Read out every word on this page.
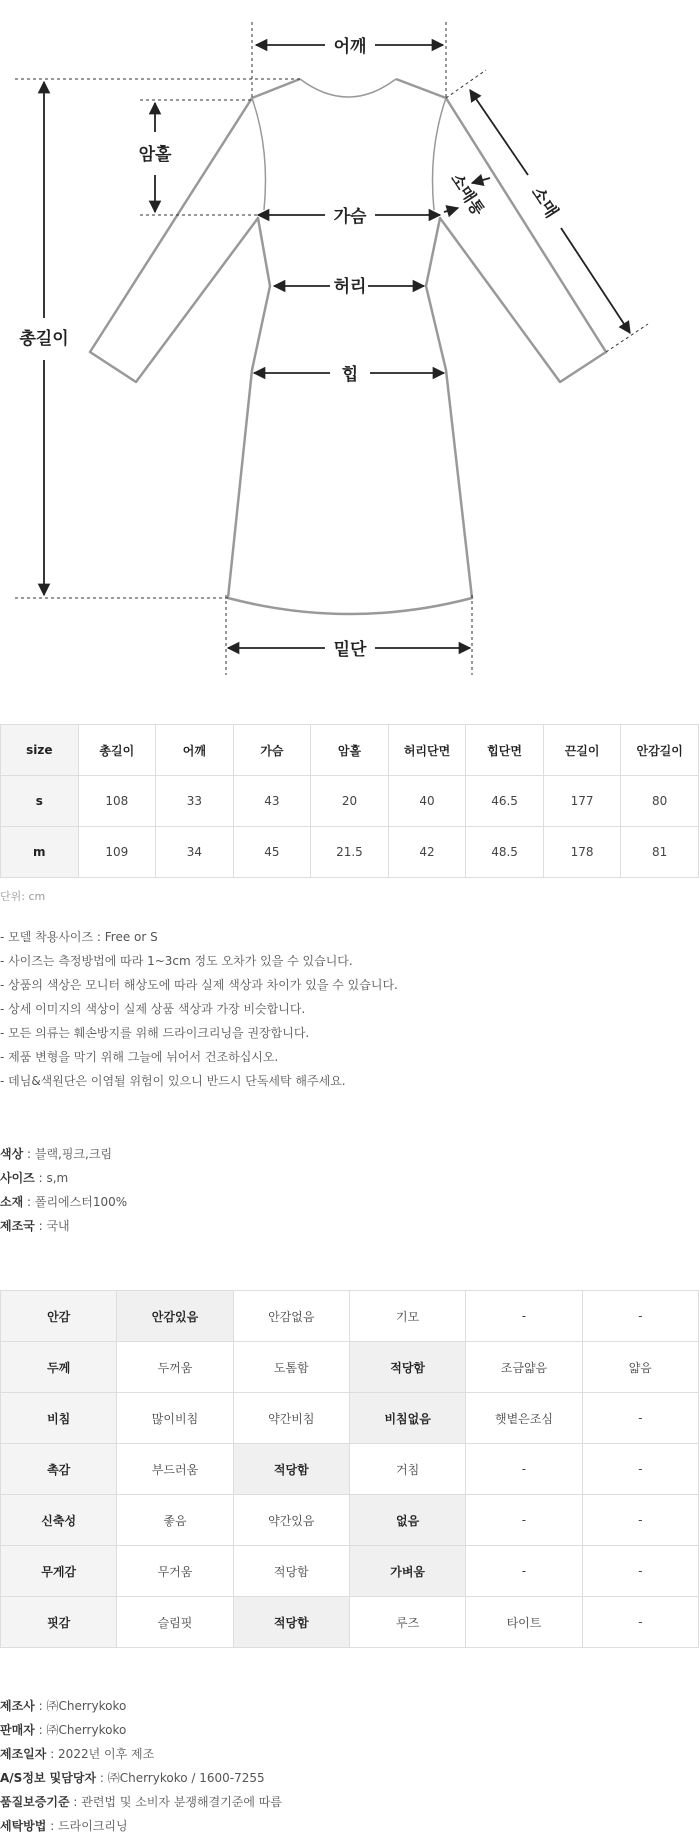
어깨
암홀
가슴
허리
힙
총길이
밑단
소매
소매통
size	총길이	어깨	가슴	암홀	허리단면	힙단면	끈길이	안감길이
s	108	33	43	20	40	46.5	177	80
m	109	34	45	21.5	42	48.5	178	81
단위: cm
- 모델 착용사이즈 : Free or S
- 사이즈는 측정방법에 따라 1~3cm 정도 오차가 있을 수 있습니다.
- 상품의 색상은 모니터 해상도에 따라 실제 색상과 차이가 있을 수 있습니다.
- 상세 이미지의 색상이 실제 상품 색상과 가장 비슷합니다.
- 모든 의류는 훼손방지를 위해 드라이크리닝을 권장합니다.
- 제품 변형을 막기 위해 그늘에 뉘어서 건조하십시오.
- 데님&색원단은 이염될 위험이 있으니 반드시 단독세탁 해주세요.
색상 : 블랙,핑크,크림
사이즈 : s,m
소재 : 폴리에스터100%
제조국 : 국내
안감	안감있음	안감없음	기모	-	-
두께	두꺼움	도톰함	적당함	조금얇음	얇음
비침	많이비침	약간비침	비침없음	햇볕은조심	-
촉감	부드러움	적당함	거침	-	-
신축성	좋음	약간있음	없음	-	-
무게감	무거움	적당함	가벼움	-	-
핏감	슬림핏	적당함	루즈	타이트	-
제조사 : ㈜Cherrykoko
판매자 : ㈜Cherrykoko
제조일자 : 2022년 이후 제조
A/S정보 및담당자 : ㈜Cherrykoko / 1600-7255
품질보증기준 : 관련법 및 소비자 분쟁해결기준에 따름
세탁방법 : 드라이크리닝
